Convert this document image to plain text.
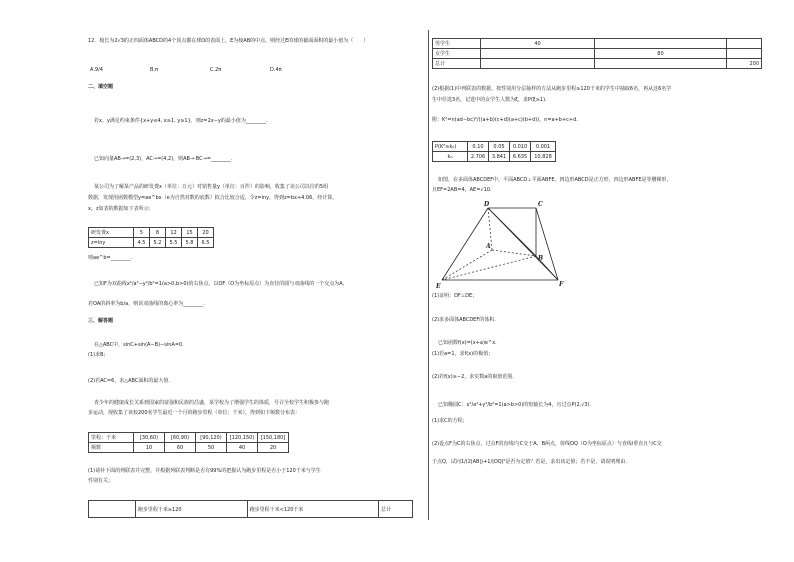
12．棱长为2√3的正四面体ABCD的4个顶点都在球O的表面上，E为棱AB的中点，则经过E的球的截面面积的最小值为（　　）
A.9/4	B.π	C.2π	D.4π
二、填空题
若x、y满足约束条件{x+y≤4, x≥1, y≥1}，则z=2x−y的最小值为________.
已知向量AB→=(2,3)，AC→=(4,2)，则AB→·BC→=________.
某公司为了解某产品的研发费x（单位：万元）对销售量y（单位：百件）的影响，收集了该公司以往的5组
数据，发现用函数模型y=ae^bx（e为自然对数的底数）拟合比较合适，令z=lny，得到z=bx+4.06，经计算，
x，z如表的数据如下表所示：
研发费x	5	8	12	15	20
z=lny	4.5	5.2	5.5	5.8	6.5
则ae^b=________.
已知F为双曲线x²/a²−y²/b²=1(a>0,b>0)的右焦点，以OF（O为坐标原点）为直径的圆与双曲线的一个交点为A，
若OA的斜率为b/a，则该双曲线的离心率为________.
三、解答题
在△ABC中，sinC+sin(A−B)−sinA=0.
(1)求B；
(2)若AC=6，求△ABC面积的最大值.
青少年的健康成长关系到国家的富强和民族的昌盛，某学校为了增强学生的体质，号召全校学生积极参与跑
步运动，现收集了该校200名学生最近一个月的跑步里程（单位：千米），得到如下频数分布表：
里程：千米	[30,60)	[60,90)	[90,120)	[120,150)	[150,180]
频数	10	60	50	40	20
(1)请补下面的列联表并完整，并根据列联表判断是否有99%的把握认为跑步里程是否小于120千米与学生
性别有关；
	跑步里程千米≥120	跑步里程千米<120千米	总计
男学生	40		
女学生		80	
总计			200
(2)根据(1)中列联表的数据，按性别用分层抽样的方法从跑步里程≥120千米的学生中抽取6名，再从这6名学
生中任选3名，记选中的女学生人数为ξ，求P(ξ≥1).
附：K²=n(ad−bc)²/((a+b)(c+d)(a+c)(b+d))，n=a+b+c+d.
P(K²≥k₀)	0.10	0.05	0.010	0.001
k₀	2.706	3.841	6.635	10.828
如图，在多面体ABCDEF中，平面ABCD⊥平面ABFE，四边形ABCD是正方形，四边形ABFE是等腰梯形，
且EF=2AB=4，AE=√10.
D	C
A
B
E	F
(1)证明：DF⊥DE；
(2)求多面体ABCDEF的体积.
已知函数f(x)=(x+a)e^x.
(1)若a=1，求f(x)的极值；
(2)若f(x)≥−2，求实数a的取值范围.
已知椭圆C：x²/a²+y²/b²=1(a>b>0)的短轴长为4，且过点P(2,√3).
(1)求C的方程；
(2)设点F为C的右焦点，过点F的直线l与C交于A、B两点，射线OQ（O为坐标原点）与直线l垂直且与C交
于点Q，试问1/(2|AB|)+1/|OQ|²是否为定值？若是，求出该定值；若不是，请说明理由.
